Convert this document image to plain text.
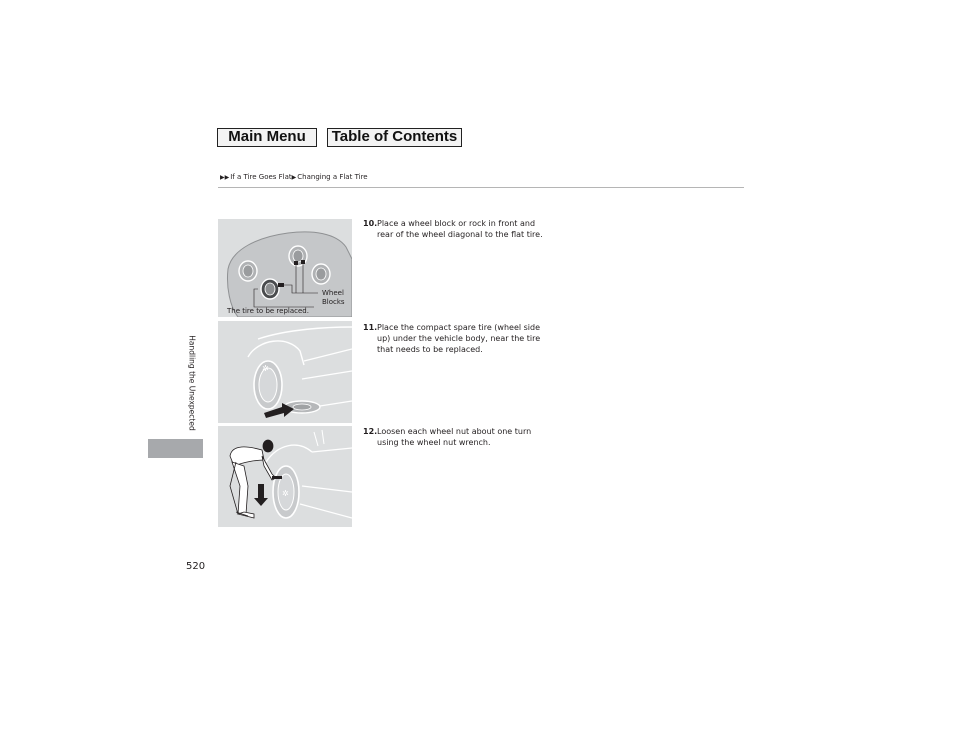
Main Menu	Table of Contents
▶▶If a Tire Goes Flat▶Changing a Flat Tire
Handling the Unexpected
520
The tire to be replaced.
Wheel
Blocks
✲
✲
10.Place a wheel block or rock in front and
rear of the wheel diagonal to the flat tire.
11.Place the compact spare tire (wheel side
up) under the vehicle body, near the tire
that needs to be replaced.
12.Loosen each wheel nut about one turn
using the wheel nut wrench.
